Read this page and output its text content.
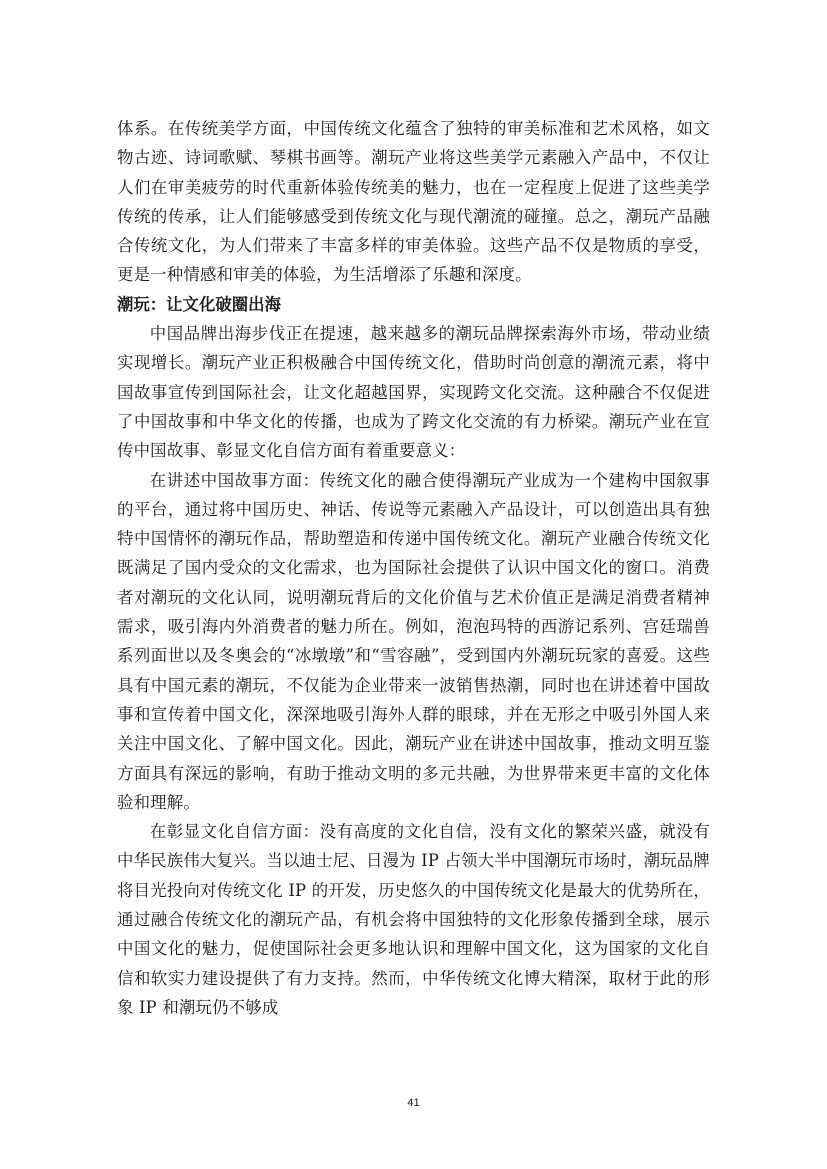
体系。在传统美学方面，中国传统文化蕴含了独特的审美标准和艺术风格，如文物古迹、诗词歌赋、琴棋书画等。潮玩产业将这些美学元素融入产品中，不仅让人们在审美疲劳的时代重新体验传统美的魅力，也在一定程度上促进了这些美学传统的传承，让人们能够感受到传统文化与现代潮流的碰撞。总之，潮玩产品融合传统文化，为人们带来了丰富多样的审美体验。这些产品不仅是物质的享受，更是一种情感和审美的体验，为生活增添了乐趣和深度。

潮玩：让文化破圈出海

中国品牌出海步伐正在提速，越来越多的潮玩品牌探索海外市场，带动业绩实现增长。潮玩产业正积极融合中国传统文化，借助时尚创意的潮流元素，将中国故事宣传到国际社会，让文化超越国界，实现跨文化交流。这种融合不仅促进了中国故事和中华文化的传播，也成为了跨文化交流的有力桥梁。潮玩产业在宣传中国故事、彰显文化自信方面有着重要意义：

在讲述中国故事方面：传统文化的融合使得潮玩产业成为一个建构中国叙事的平台，通过将中国历史、神话、传说等元素融入产品设计，可以创造出具有独特中国情怀的潮玩作品，帮助塑造和传递中国传统文化。潮玩产业融合传统文化既满足了国内受众的文化需求，也为国际社会提供了认识中国文化的窗口。消费者对潮玩的文化认同，说明潮玩背后的文化价值与艺术价值正是满足消费者精神需求，吸引海内外消费者的魅力所在。例如，泡泡玛特的西游记系列、宫廷瑞兽系列面世以及冬奥会的“冰墩墩”和“雪容融”，受到国内外潮玩玩家的喜爱。这些具有中国元素的潮玩，不仅能为企业带来一波销售热潮，同时也在讲述着中国故事和宣传着中国文化，深深地吸引海外人群的眼球，并在无形之中吸引外国人来关注中国文化、了解中国文化。因此，潮玩产业在讲述中国故事，推动文明互鉴方面具有深远的影响，有助于推动文明的多元共融，为世界带来更丰富的文化体验和理解。

在彰显文化自信方面：没有高度的文化自信，没有文化的繁荣兴盛，就没有中华民族伟大复兴。当以迪士尼、日漫为 IP 占领大半中国潮玩市场时，潮玩品牌将目光投向对传统文化 IP 的开发，历史悠久的中国传统文化是最大的优势所在，通过融合传统文化的潮玩产品，有机会将中国独特的文化形象传播到全球，展示中国文化的魅力，促使国际社会更多地认识和理解中国文化，这为国家的文化自信和软实力建设提供了有力支持。然而，中华传统文化博大精深，取材于此的形象 IP 和潮玩仍不够成

41
